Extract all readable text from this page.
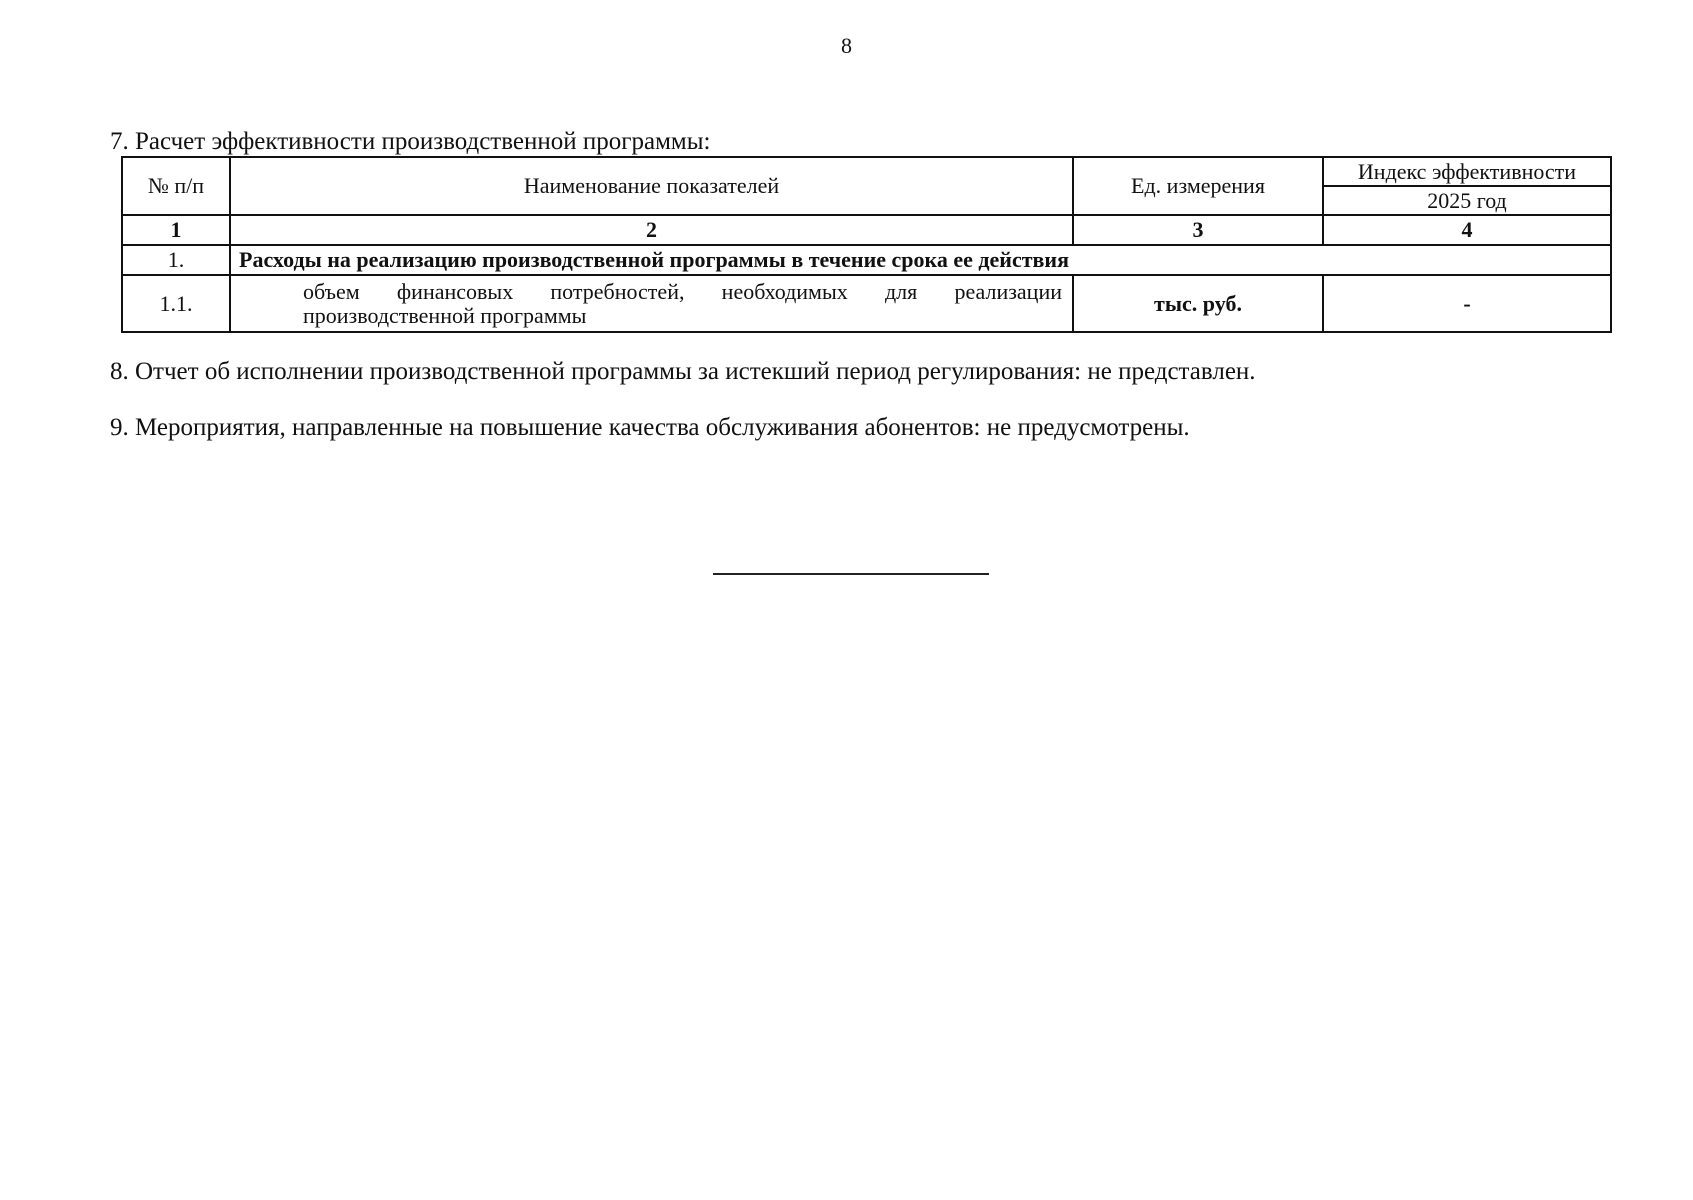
8
7. Расчет эффективности производственной программы:
№ п/п	Наименование показателей	Ед. измерения	Индекс эффективности
			2025 год
1	2	3	4
1.	Расходы на реализацию производственной программы в течение срока ее действия		
1.1.	объем финансовых потребностей, необходимых для реализации производственной программы	тыс. руб.	-

8. Отчет об исполнении производственной программы за истекший период регулирования: не представлен.

9. Мероприятия, направленные на повышение качества обслуживания абонентов: не предусмотрены.
